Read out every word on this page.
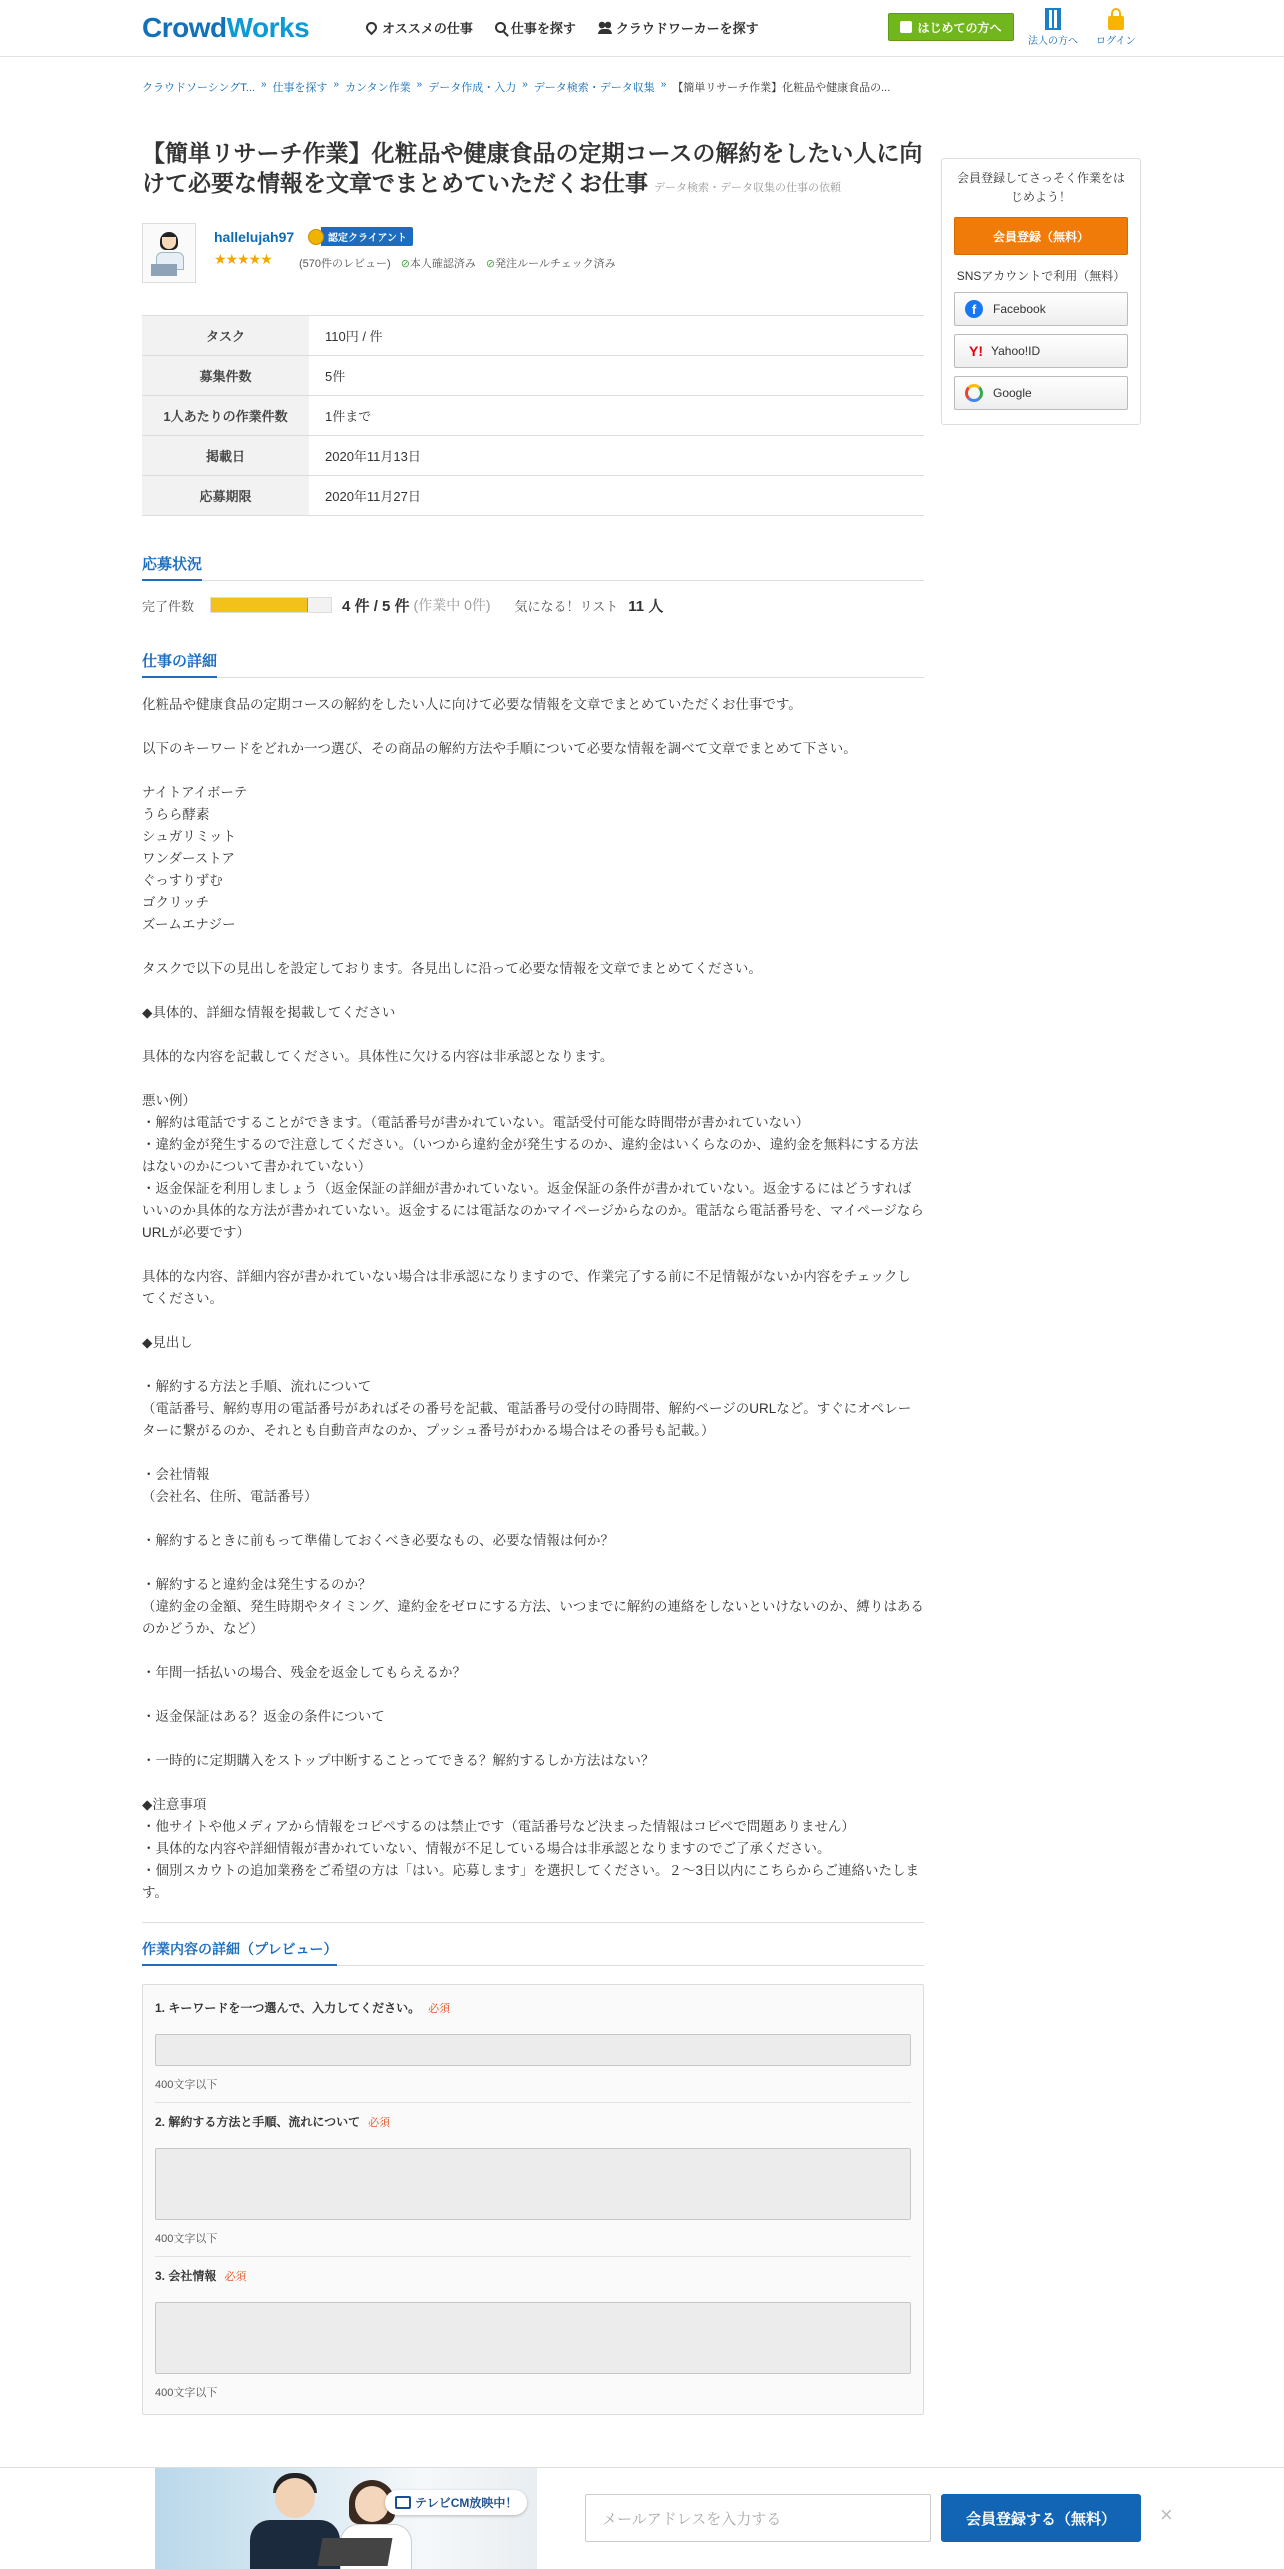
CrowdWorks	オススメの仕事	仕事を探す	クラウドワーカーを探す	はじめての方へ
法人の方へ ログイン
クラウドソーシングT... » 仕事を探す » カンタン作業 » データ作成・入力 » データ検索・データ収集 » 【簡単リサーチ作業】化粧品や健康食品の...
【簡単リサーチ作業】化粧品や健康食品の定期コースの解約をしたい人に向けて必要な情報を文章でまとめていただくお仕事 データ検索・データ収集の仕事の依頼
hallelujah97	認定クライアント
★★★★★ (570件のレビュー) ⊘本人確認済み ⊘発注ルールチェック済み
タスク	110円 / 件
募集件数	5件
1人あたりの作業件数	1件まで
掲載日	2020年11月13日
応募期限	2020年11月27日
応募状況
完了件数	4 件 / 5 件 (作業中 0件) 気になる！リスト 11 人
仕事の詳細
化粧品や健康食品の定期コースの解約をしたい人に向けて必要な情報を文章でまとめていただくお仕事です。

以下のキーワードをどれか一つ選び、その商品の解約方法や手順について必要な情報を調べて文章でまとめて下さい。

ナイトアイボーテ
うらら酵素
シュガリミット
ワンダーストア
ぐっすりずむ
ゴクリッチ
ズームエナジー

タスクで以下の見出しを設定しております。各見出しに沿って必要な情報を文章でまとめてください。

◆具体的、詳細な情報を掲載してください

具体的な内容を記載してください。具体性に欠ける内容は非承認となります。

悪い例）
・解約は電話ですることができます。（電話番号が書かれていない。電話受付可能な時間帯が書かれていない）
・違約金が発生するので注意してください。（いつから違約金が発生するのか、違約金はいくらなのか、違約金を無料にする方法はないのかについて書かれていない）
・返金保証を利用しましょう（返金保証の詳細が書かれていない。返金保証の条件が書かれていない。返金するにはどうすればいいのか具体的な方法が書かれていない。返金するには電話なのかマイページからなのか。電話なら電話番号を、マイページならURLが必要です）

具体的な内容、詳細内容が書かれていない場合は非承認になりますので、作業完了する前に不足情報がないか内容をチェックしてください。

◆見出し

・解約する方法と手順、流れについて
（電話番号、解約専用の電話番号があればその番号を記載、電話番号の受付の時間帯、解約ページのURLなど。すぐにオペレーターに繋がるのか、それとも自動音声なのか、プッシュ番号がわかる場合はその番号も記載。）

・会社情報
（会社名、住所、電話番号）

・解約するときに前もって準備しておくべき必要なもの、必要な情報は何か？

・解約すると違約金は発生するのか？
（違約金の金額、発生時期やタイミング、違約金をゼロにする方法、いつまでに解約の連絡をしないといけないのか、縛りはあるのかどうか、など）

・年間一括払いの場合、残金を返金してもらえるか？

・返金保証はある？返金の条件について

・一時的に定期購入をストップ中断することってできる？解約するしか方法はない？

◆注意事項
・他サイトや他メディアから情報をコピペするのは禁止です（電話番号など決まった情報はコピペで問題ありません）
・具体的な内容や詳細情報が書かれていない、情報が不足している場合は非承認となりますのでご了承ください。
・個別スカウトの追加業務をご希望の方は「はい。応募します」を選択してください。２〜3日以内にこちらからご連絡いたします。
作業内容の詳細（プレビュー）
1. キーワードを一つ選んで、入力してください。 必須
400文字以下
2. 解約する方法と手順、流れについて 必須
400文字以下
3. 会社情報 必須
400文字以下
会員登録してさっそく作業をはじめよう！
会員登録（無料）
SNSアカウントで利用（無料）
f	Facebook
Y! Yahoo!ID
Google
テレビCM放映中！
メールアドレスを入力する	会員登録する（無料）	×
